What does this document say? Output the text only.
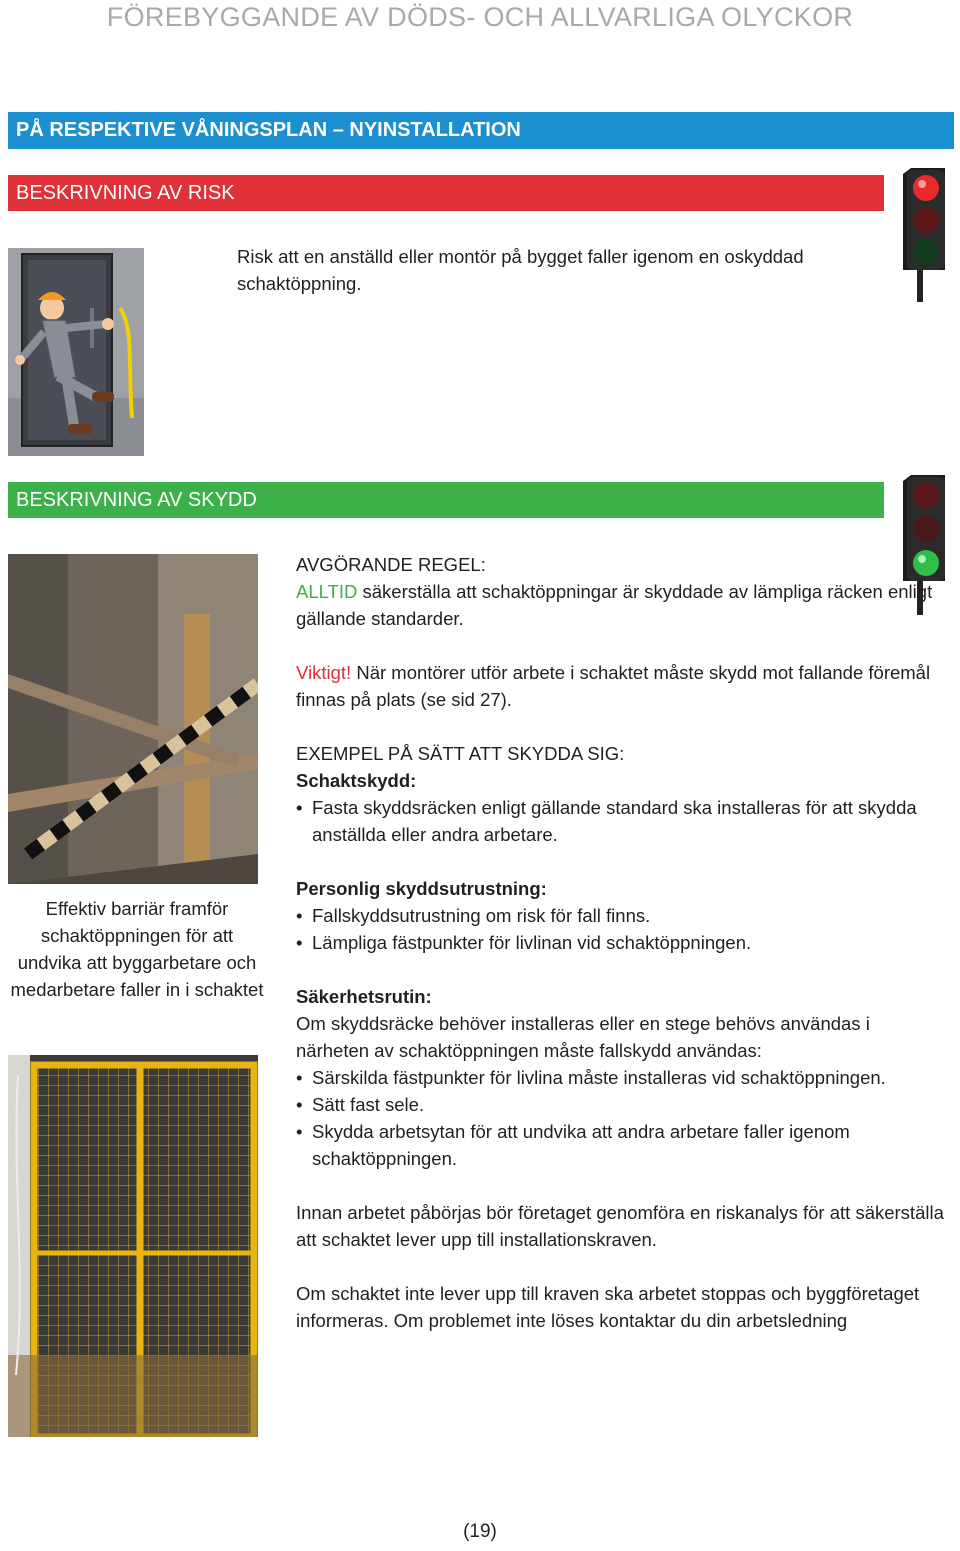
FÖREBYGGANDE AV DÖDS- OCH ALLVARLIGA OLYCKOR
PÅ RESPEKTIVE VÅNINGSPLAN – NYINSTALLATION
BESKRIVNING AV RISK
Risk att en anställd eller montör på bygget faller igenom en oskyddad schaktöppning.
BESKRIVNING AV SKYDD
Effektiv barriär framför schaktöppningen för att undvika att byggarbetare och medarbetare faller in i schaktet

AVGÖRANDE REGEL:

ALLTID säkerställa att schaktöppningar är skyddade av lämpliga räcken enligt gällande standarder.

Viktigt! När montörer utför arbete i schaktet måste skydd mot fallande föremål finnas på plats (se sid 27).

EXEMPEL PÅ SÄTT ATT SKYDDA SIG:

Schaktskydd:

• Fasta skyddsräcken enligt gällande standard ska installeras för att skydda anställda eller andra arbetare.

Personlig skyddsutrustning:

• Fallskyddsutrustning om risk för fall finns.
• Lämpliga fästpunkter för livlinan vid schaktöppningen.

Säkerhetsrutin:

Om skyddsräcke behöver installeras eller en stege behövs användas i närheten av schaktöppningen måste fallskydd användas:

• Särskilda fästpunkter för livlina måste installeras vid schaktöppningen.
• Sätt fast sele.
• Skydda arbetsytan för att undvika att andra arbetare faller igenom schaktöppningen.

Innan arbetet påbörjas bör företaget genomföra en riskanalys för att säkerställa att schaktet lever upp till installationskraven.

Om schaktet inte lever upp till kraven ska arbetet stoppas och byggföretaget informeras. Om problemet inte löses kontaktar du din arbetsledning

(19)
